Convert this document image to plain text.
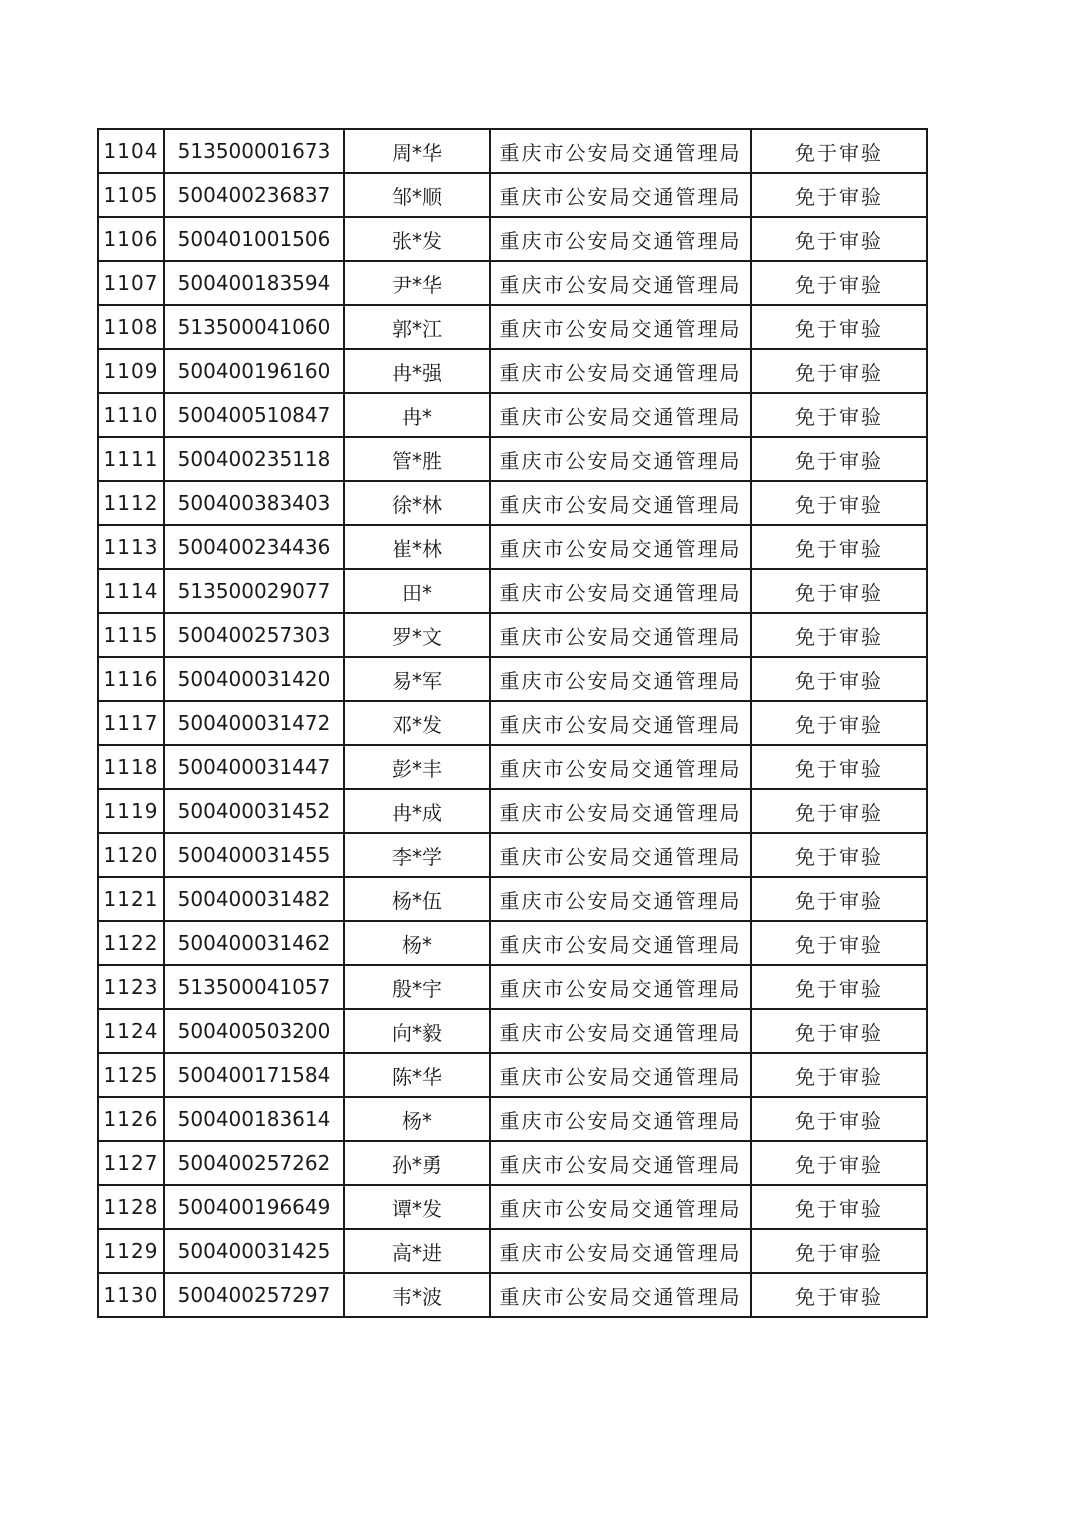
1104	513500001673	周*华	重庆市公安局交通管理局	免于审验
1105	500400236837	邹*顺	重庆市公安局交通管理局	免于审验
1106	500401001506	张*发	重庆市公安局交通管理局	免于审验
1107	500400183594	尹*华	重庆市公安局交通管理局	免于审验
1108	513500041060	郭*江	重庆市公安局交通管理局	免于审验
1109	500400196160	冉*强	重庆市公安局交通管理局	免于审验
1110	500400510847	冉*	重庆市公安局交通管理局	免于审验
1111	500400235118	管*胜	重庆市公安局交通管理局	免于审验
1112	500400383403	徐*林	重庆市公安局交通管理局	免于审验
1113	500400234436	崔*林	重庆市公安局交通管理局	免于审验
1114	513500029077	田*	重庆市公安局交通管理局	免于审验
1115	500400257303	罗*文	重庆市公安局交通管理局	免于审验
1116	500400031420	易*军	重庆市公安局交通管理局	免于审验
1117	500400031472	邓*发	重庆市公安局交通管理局	免于审验
1118	500400031447	彭*丰	重庆市公安局交通管理局	免于审验
1119	500400031452	冉*成	重庆市公安局交通管理局	免于审验
1120	500400031455	李*学	重庆市公安局交通管理局	免于审验
1121	500400031482	杨*伍	重庆市公安局交通管理局	免于审验
1122	500400031462	杨*	重庆市公安局交通管理局	免于审验
1123	513500041057	殷*宇	重庆市公安局交通管理局	免于审验
1124	500400503200	向*毅	重庆市公安局交通管理局	免于审验
1125	500400171584	陈*华	重庆市公安局交通管理局	免于审验
1126	500400183614	杨*	重庆市公安局交通管理局	免于审验
1127	500400257262	孙*勇	重庆市公安局交通管理局	免于审验
1128	500400196649	谭*发	重庆市公安局交通管理局	免于审验
1129	500400031425	高*进	重庆市公安局交通管理局	免于审验
1130	500400257297	韦*波	重庆市公安局交通管理局	免于审验
